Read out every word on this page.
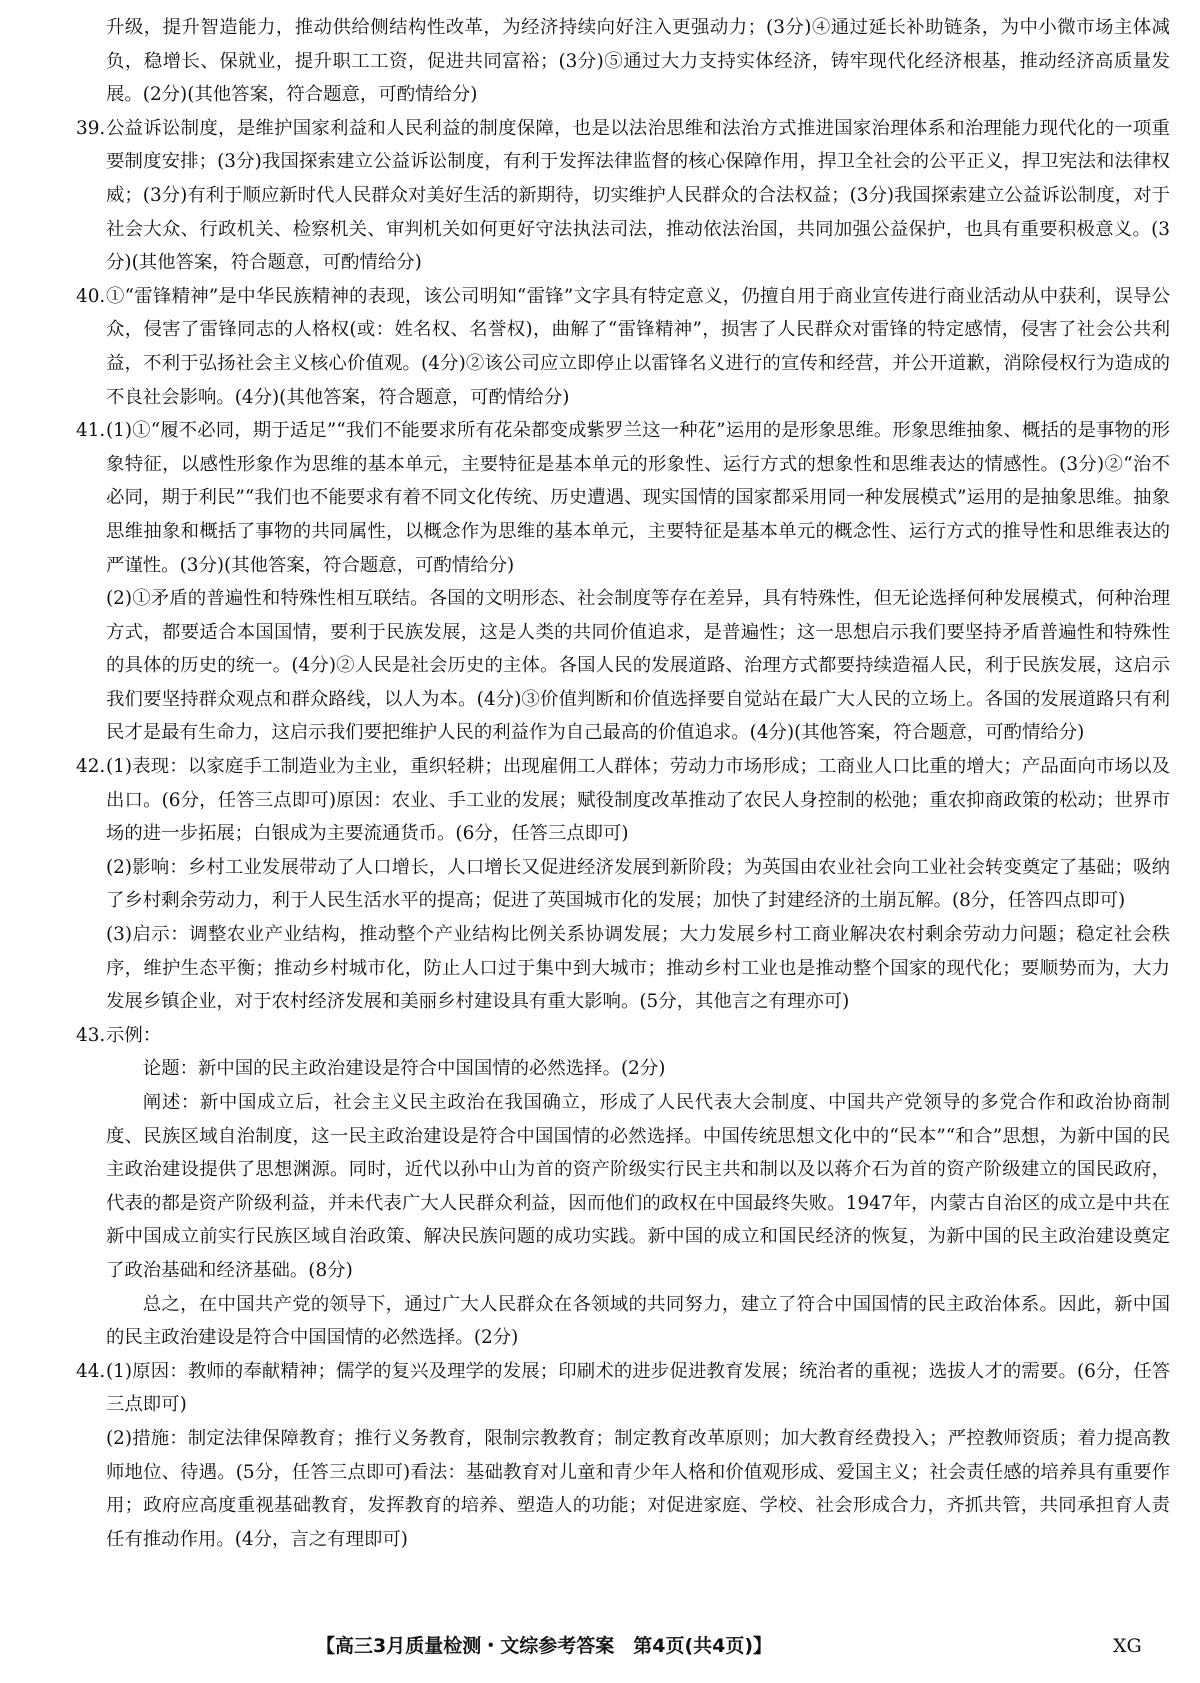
升级，提升智造能力，推动供给侧结构性改革，为经济持续向好注入更强动力；(3分)④通过延长补助链条，为中小微市场主体减负，稳增长、保就业，提升职工工资，促进共同富裕；(3分)⑤通过大力支持实体经济，铸牢现代化经济根基，推动经济高质量发展。(2分)(其他答案，符合题意，可酌情给分)
39. 公益诉讼制度，是维护国家利益和人民利益的制度保障，也是以法治思维和法治方式推进国家治理体系和治理能力现代化的一项重要制度安排；(3分)我国探索建立公益诉讼制度，有利于发挥法律监督的核心保障作用，捍卫全社会的公平正义，捍卫宪法和法律权威；(3分)有利于顺应新时代人民群众对美好生活的新期待，切实维护人民群众的合法权益；(3分)我国探索建立公益诉讼制度，对于社会大众、行政机关、检察机关、审判机关如何更好守法执法司法，推动依法治国，共同加强公益保护，也具有重要积极意义。(3分)(其他答案，符合题意，可酌情给分)
40. ①“雷锋精神”是中华民族精神的表现，该公司明知“雷锋”文字具有特定意义，仍擅自用于商业宣传进行商业活动从中获利，误导公众，侵害了雷锋同志的人格权(或：姓名权、名誉权)，曲解了“雷锋精神”，损害了人民群众对雷锋的特定感情，侵害了社会公共利益，不利于弘扬社会主义核心价值观。(4分)②该公司应立即停止以雷锋名义进行的宣传和经营，并公开道歉，消除侵权行为造成的不良社会影响。(4分)(其他答案，符合题意，可酌情给分)
41. (1)①“履不必同，期于适足”“我们不能要求所有花朵都变成紫罗兰这一种花”运用的是形象思维。形象思维抽象、概括的是事物的形象特征，以感性形象作为思维的基本单元，主要特征是基本单元的形象性、运行方式的想象性和思维表达的情感性。(3分)②“治不必同，期于利民”“我们也不能要求有着不同文化传统、历史遭遇、现实国情的国家都采用同一种发展模式”运用的是抽象思维。抽象思维抽象和概括了事物的共同属性，以概念作为思维的基本单元，主要特征是基本单元的概念性、运行方式的推导性和思维表达的严谨性。(3分)(其他答案，符合题意，可酌情给分)
(2)①矛盾的普遍性和特殊性相互联结。各国的文明形态、社会制度等存在差异，具有特殊性，但无论选择何种发展模式，何种治理方式，都要适合本国国情，要利于民族发展，这是人类的共同价值追求，是普遍性；这一思想启示我们要坚持矛盾普遍性和特殊性的具体的历史的统一。(4分)②人民是社会历史的主体。各国人民的发展道路、治理方式都要持续造福人民，利于民族发展，这启示我们要坚持群众观点和群众路线，以人为本。(4分)③价值判断和价值选择要自觉站在最广大人民的立场上。各国的发展道路只有利民才是最有生命力，这启示我们要把维护人民的利益作为自己最高的价值追求。(4分)(其他答案，符合题意，可酌情给分)
42. (1)表现：以家庭手工制造业为主业，重织轻耕；出现雇佣工人群体；劳动力市场形成；工商业人口比重的增大；产品面向市场以及出口。(6分，任答三点即可)原因：农业、手工业的发展；赋役制度改革推动了农民人身控制的松弛；重农抑商政策的松动；世界市场的进一步拓展；白银成为主要流通货币。(6分，任答三点即可)
(2)影响：乡村工业发展带动了人口增长，人口增长又促进经济发展到新阶段；为英国由农业社会向工业社会转变奠定了基础；吸纳了乡村剩余劳动力，利于人民生活水平的提高；促进了英国城市化的发展；加快了封建经济的土崩瓦解。(8分，任答四点即可)
(3)启示：调整农业产业结构，推动整个产业结构比例关系协调发展；大力发展乡村工商业解决农村剩余劳动力问题；稳定社会秩序，维护生态平衡；推动乡村城市化，防止人口过于集中到大城市；推动乡村工业也是推动整个国家的现代化；要顺势而为，大力发展乡镇企业，对于农村经济发展和美丽乡村建设具有重大影响。(5分，其他言之有理亦可)
43. 示例：
论题：新中国的民主政治建设是符合中国国情的必然选择。(2分)
阐述：新中国成立后，社会主义民主政治在我国确立，形成了人民代表大会制度、中国共产党领导的多党合作和政治协商制度、民族区域自治制度，这一民主政治建设是符合中国国情的必然选择。中国传统思想文化中的“民本”“和合”思想，为新中国的民主政治建设提供了思想渊源。同时，近代以孙中山为首的资产阶级实行民主共和制以及以蒋介石为首的资产阶级建立的国民政府，代表的都是资产阶级利益，并未代表广大人民群众利益，因而他们的政权在中国最终失败。1947年，内蒙古自治区的成立是中共在新中国成立前实行民族区域自治政策、解决民族问题的成功实践。新中国的成立和国民经济的恢复，为新中国的民主政治建设奠定了政治基础和经济基础。(8分)
总之，在中国共产党的领导下，通过广大人民群众在各领域的共同努力，建立了符合中国国情的民主政治体系。因此，新中国的民主政治建设是符合中国国情的必然选择。(2分)
44. (1)原因：教师的奉献精神；儒学的复兴及理学的发展；印刷术的进步促进教育发展；统治者的重视；选拔人才的需要。(6分，任答三点即可)
(2)措施：制定法律保障教育；推行义务教育，限制宗教教育；制定教育改革原则；加大教育经费投入；严控教师资质；着力提高教师地位、待遇。(5分，任答三点即可)看法：基础教育对儿童和青少年人格和价值观形成、爱国主义；社会责任感的培养具有重要作用；政府应高度重视基础教育，发挥教育的培养、塑造人的功能；对促进家庭、学校、社会形成合力，齐抓共管，共同承担育人责任有推动作用。(4分，言之有理即可)
【高三3月质量检测・文综参考答案　第4页(共4页)】	XG
